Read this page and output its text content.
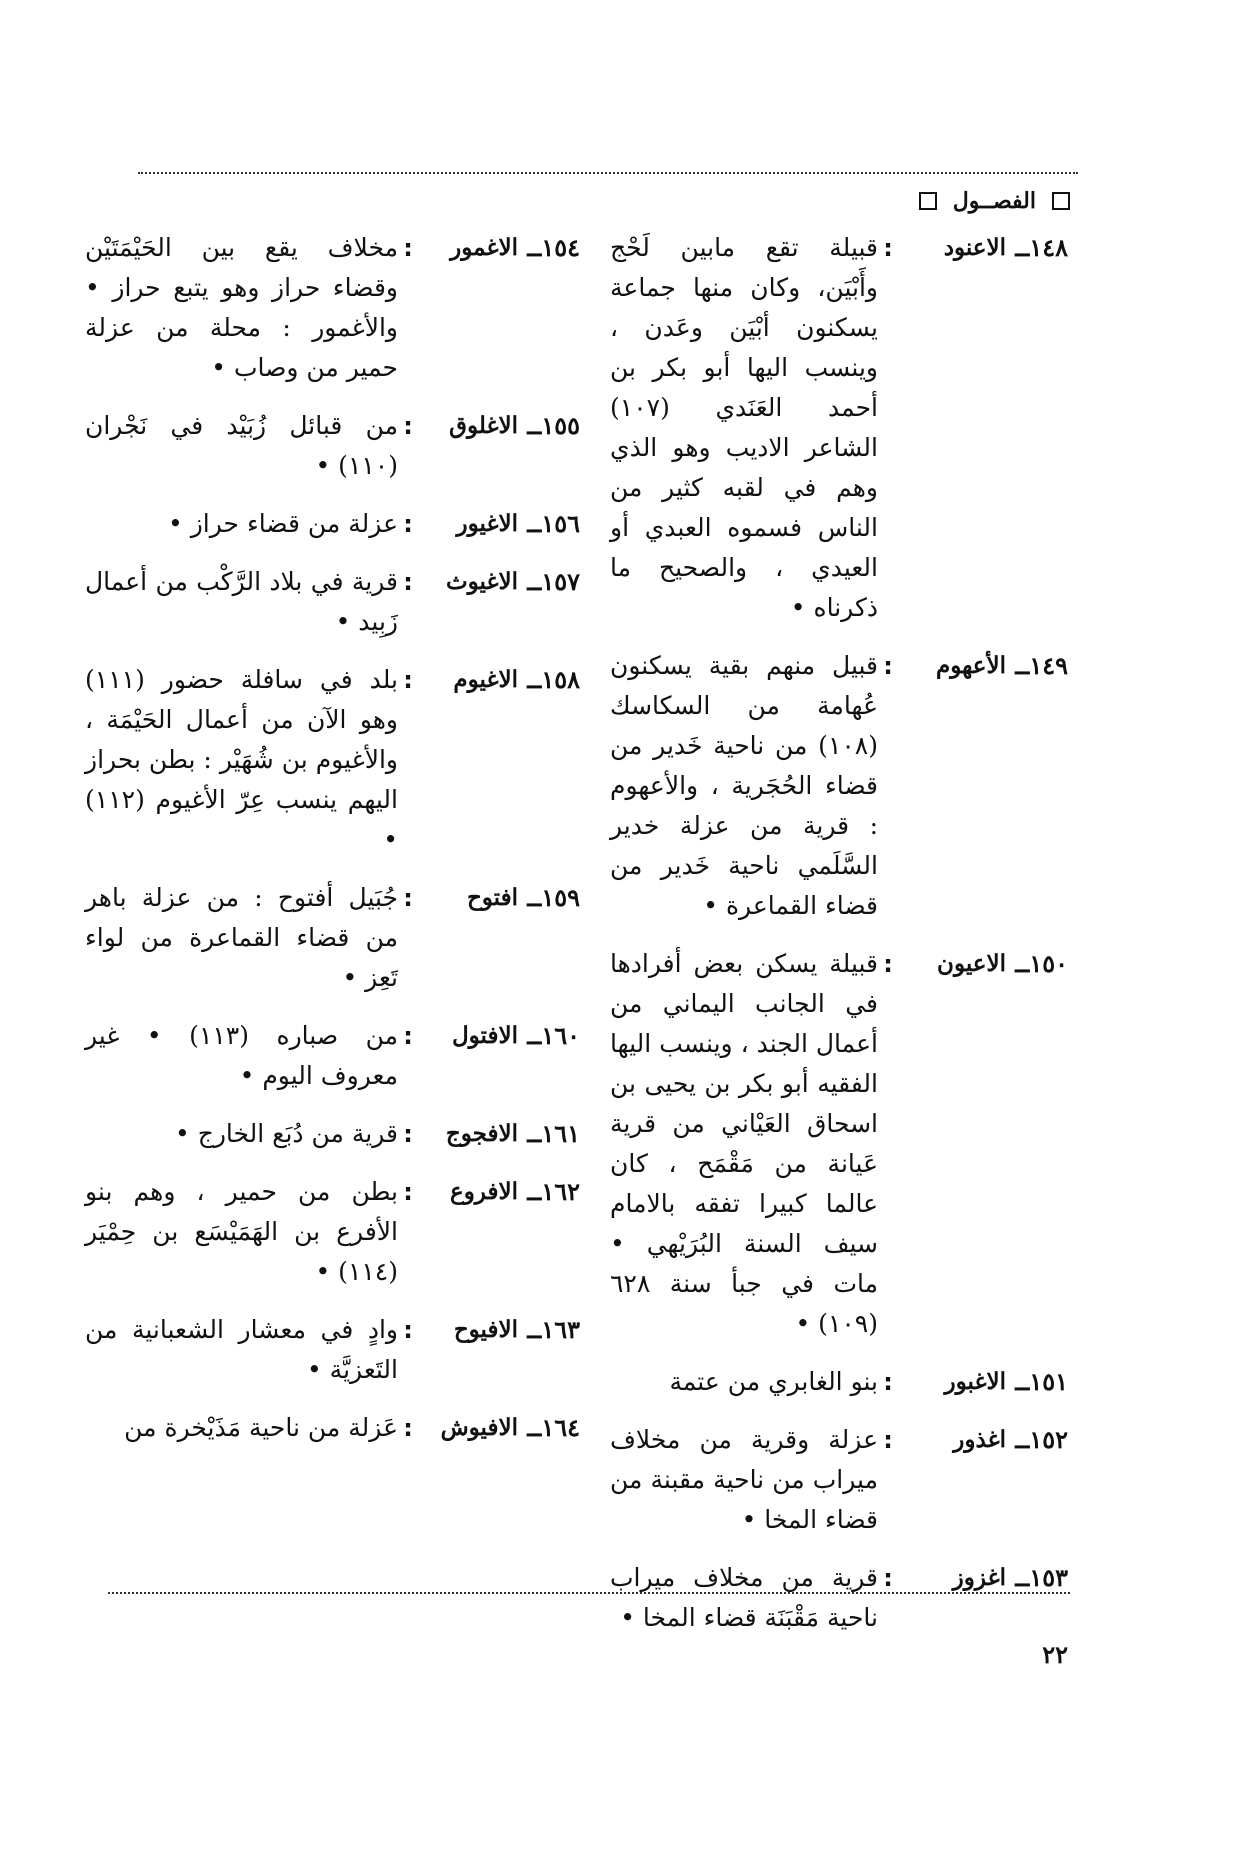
الفصــول
١٤٨ــ
الاعنود
:
قبيلة تقع مابين لَحْج وأَبْيَن، وكان منها جماعة يسكنون أبْيَن وعَدن ، وينسب اليها أبو بكر بن أحمد العَنَدي (١٠٧) الشاعر الاديب وهو الذي وهم في لقبه كثير من الناس فسموه العبدي أو العيدي ، والصحيح ما ذكرناه •
١٤٩ــ
الأعهوم
:
قبيل منهم بقية يسكنون عُهامة من السكاسك (١٠٨) من ناحية خَدير من قضاء الحُجَرية ، والأعهوم : قرية من عزلة خدير السَّلَمي ناحية خَدير من قضاء القماعرة •
١٥٠ــ
الاعيون
:
قبيلة يسكن بعض أفرادها في الجانب اليماني من أعمال الجند ، وينسب اليها الفقيه أبو بكر بن يحيى بن اسحاق العَيْاني من قرية عَيانة من مَقْمَح ، كان عالما كبيرا تفقه بالامام سيف السنة البُرَيْهي • مات في جبأ سنة ٦٢٨ (١٠٩) •
١٥١ــ
الاغبور
:
بنو الغابري من عتمة
١٥٢ــ
اغذور
:
عزلة وقرية من مخلاف ميراب من ناحية مقبنة من قضاء المخا •
١٥٣ــ
اغزوز
:
قرية من مخلاف ميراب ناحية مَقْبَنَة قضاء المخا •
١٥٤ــ
الاغمور
:
مخلاف يقع بين الحَيْمَتَيْن وقضاء حراز وهو يتبع حراز • والأغمور : محلة من عزلة حمير من وصاب •
١٥٥ــ
الاغلوق
:
من قبائل زُبَيْد في نَجْران (١١٠) •
١٥٦ــ
الاغيور
:
عزلة من قضاء حراز •
١٥٧ــ
الاغيوث
:
قرية في بلاد الرَّكْب من أعمال زَبِيد •
١٥٨ــ
الاغيوم
:
بلد في سافلة حضور (١١١) وهو الآن من أعمال الحَيْمَة ، والأغيوم بن شُهَيْر : بطن بحراز اليهم ينسب عِرّ الأغيوم (١١٢) •
١٥٩ــ
افتوح
:
جُبَيل أفتوح : من عزلة باهر من قضاء القماعرة من لواء تَعِز •
١٦٠ــ
الافتول
:
من صباره (١١٣) • غير معروف اليوم •
١٦١ــ
الافجوج
:
قرية من دُبَع الخارج •
١٦٢ــ
الافروع
:
بطن من حمير ، وهم بنو الأفرع بن الهَمَيْسَع بن حِمْيَر (١١٤) •
١٦٣ــ
الافيوح
:
وادٍ في معشار الشعبانية من التَعزيَّة •
١٦٤ــ
الافيوش
:
عَزلة من ناحية مَذَيْخرة من
٢٢
